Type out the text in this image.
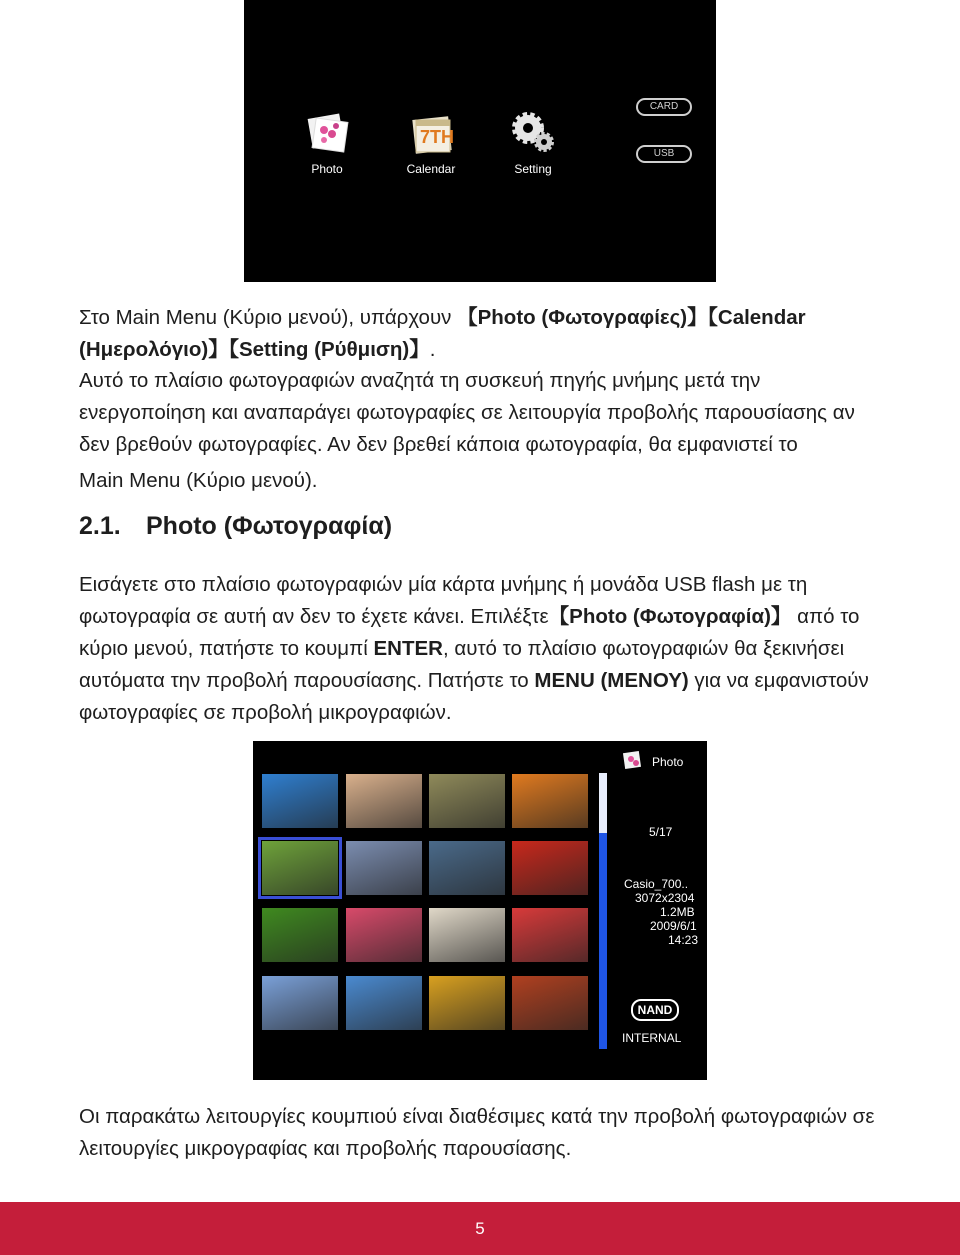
Photo
7TH
Calendar	Setting
CARD
USB

Στο Main Menu (Κύριο μενού), υπάρχουν 【Photo (Φωτογραφίες)】【Calendar (Ημερολόγιο)】【Setting (Ρύθμιση)】.

Αυτό το πλαίσιο φωτογραφιών αναζητά τη συσκευή πηγής μνήμης μετά την ενεργοποίηση και αναπαράγει φωτογραφίες σε λειτουργία προβολής παρουσίασης αν δεν βρεθούν φωτογραφίες. Αν δεν βρεθεί κάποια φωτογραφία, θα εμφανιστεί το

Main Menu (Κύριο μενού).

2.1. Photo (Φωτογραφία)

Εισάγετε στο πλαίσιο φωτογραφιών μία κάρτα μνήμης ή μονάδα USB flash με τη φωτογραφία σε αυτή αν δεν το έχετε κάνει. Επιλέξτε【Photo (Φωτογραφία)】 από το κύριο μενού, πατήστε το κουμπί ENTER, αυτό το πλαίσιο φωτογραφιών θα ξεκινήσει αυτόματα την προβολή παρουσίασης. Πατήστε το MENU (ΜΕΝΟΥ) για να εμφανιστούν φωτογραφίες σε προβολή μικρογραφιών.

Photo
5/17
Casio_700..
3072x2304
1.2MB
2009/6/1
14:23
NAND
INTERNAL

Οι παρακάτω λειτουργίες κουμπιού είναι διαθέσιμες κατά την προβολή φωτογραφιών σε λειτουργίες μικρογραφίας και προβολής παρουσίασης.

5
